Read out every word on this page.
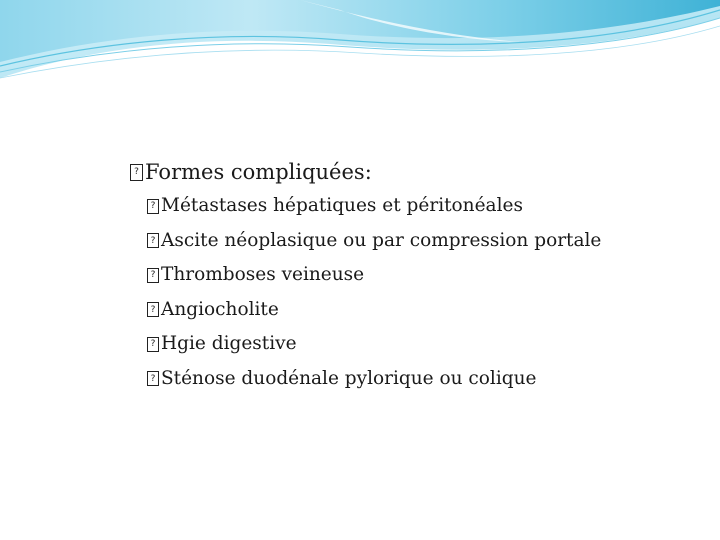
?
Formes compliquées:
?
Métastases hépatiques et péritonéales
?
Ascite néoplasique ou par compression portale
?
Thromboses veineuse
?
Angiocholite
?
Hgie digestive
?
Sténose duodénale pylorique ou colique
